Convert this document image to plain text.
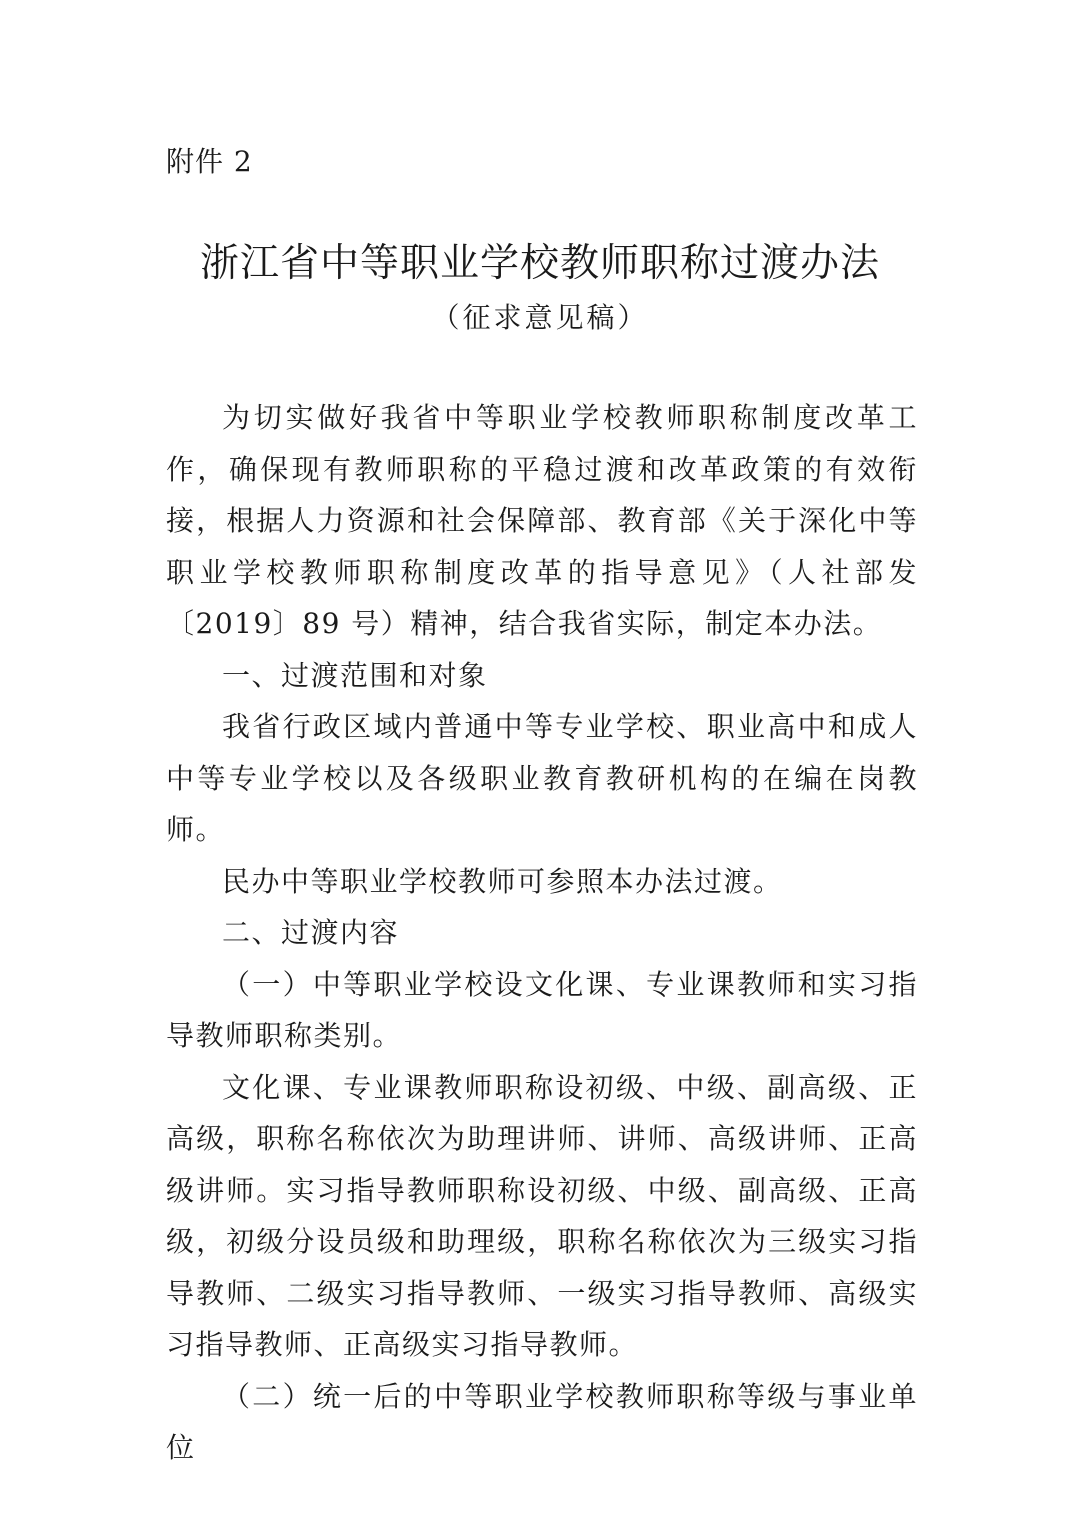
附件 2
浙江省中等职业学校教师职称过渡办法
（征求意见稿）

为切实做好我省中等职业学校教师职称制度改革工作，确保现有教师职称的平稳过渡和改革政策的有效衔接，根据人力资源和社会保障部、教育部《关于深化中等职业学校教师职称制度改革的指导意见》（人社部发〔2019〕89 号）精神，结合我省实际，制定本办法。

一、过渡范围和对象

我省行政区域内普通中等专业学校、职业高中和成人中等专业学校以及各级职业教育教研机构的在编在岗教师。

民办中等职业学校教师可参照本办法过渡。

二、过渡内容

（一）中等职业学校设文化课、专业课教师和实习指导教师职称类别。

文化课、专业课教师职称设初级、中级、副高级、正高级，职称名称依次为助理讲师、讲师、高级讲师、正高级讲师。实习指导教师职称设初级、中级、副高级、正高级，初级分设员级和助理级，职称名称依次为三级实习指导教师、二级实习指导教师、一级实习指导教师、高级实习指导教师、正高级实习指导教师。

（二）统一后的中等职业学校教师职称等级与事业单位
